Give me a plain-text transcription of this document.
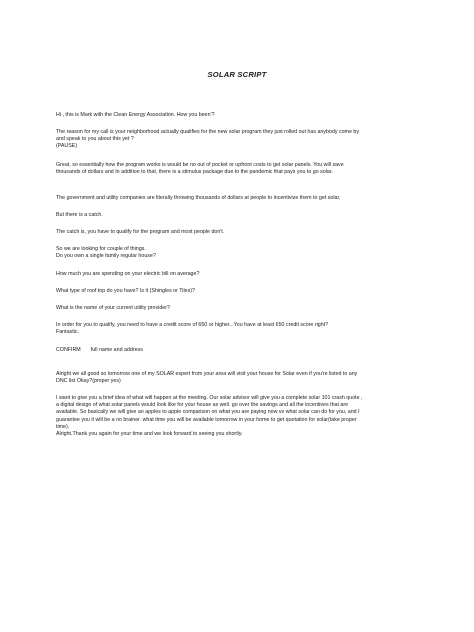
SOLAR SCRIPT
Hi , this is Mark with the Clean Energy Association. How you been'?
The reason for my call is your neighborhood actually qualifies for the new solar program they just rolled out has anybody come by
and speak to you about this yet ?
(PAUSE)
Great, so essentially how the program works is would be no out of pocket or upfront costs to get solar panels. You will save
thousands of dollars and In addition to that, there is a stimulus package due to the pandemic that pays you to go solar.
The government and utility companies are literally throwing thousands of dollars at people to incentivize them to get solar.
But there is a catch.
The catch is, you have to qualify for the program and most people don't.
So we are looking for couple of things.
Do you own a single family regular house?
How much you are spending on your electric bill on average?
What type of roof top do you have? Is it (Shingles or Tiles)?
What is the name of your current utility provider?
In order for you to qualify, you need to have a credit score of 650 or higher...You have at least 650 credit score right?
Fantastic.
CONFIRM full name and address
Alright we all good so tomorrow one of my SOLAR expert from your area will visit your house for Solar even if you're listed to any
DNC list Okay?(proper yes)
I want to give you a brief idea of what will happen at the meeting. Our solar advisor will give you a complete solar 101 crash quote ,
a digital design of what solar panels would look like for your house as well. go over the savings and all the incentives that are
available. So basically we will give an apples to apple comparison on what you are paying now vs what solar can do for you, and I
guarantee you it will be a no brainer. what time you will be available tomorrow in your home to get quotation for solar(take proper
time).
Alright.Thank you again for your time and we look forward to seeing you shortly.
